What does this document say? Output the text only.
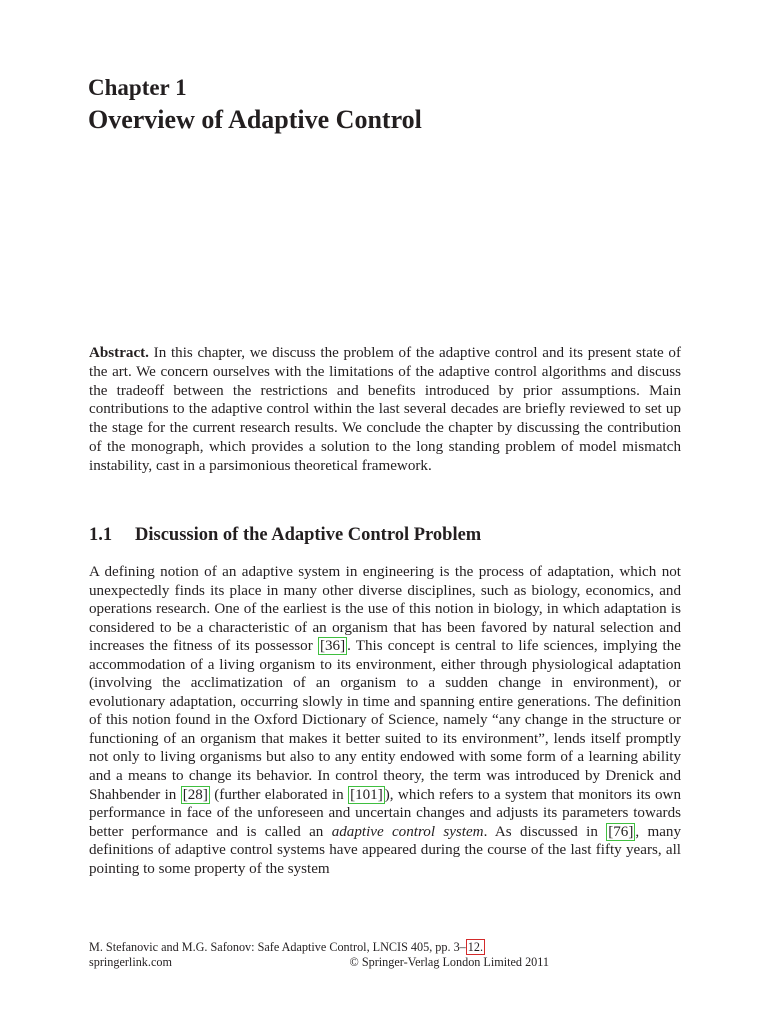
Chapter 1
Overview of Adaptive Control
Abstract. In this chapter, we discuss the problem of the adaptive control and its present state of the art. We concern ourselves with the limitations of the adaptive control algorithms and discuss the tradeoff between the restrictions and benefits introduced by prior assumptions. Main contributions to the adaptive control within the last several decades are briefly reviewed to set up the stage for the current research results. We conclude the chapter by discussing the contribution of the monograph, which provides a solution to the long standing problem of model mismatch instability, cast in a parsimonious theoretical framework.
1.1 Discussion of the Adaptive Control Problem
A defining notion of an adaptive system in engineering is the process of adaptation, which not unexpectedly finds its place in many other diverse disciplines, such as biology, economics, and operations research. One of the earliest is the use of this notion in biology, in which adaptation is considered to be a characteristic of an organism that has been favored by natural selection and increases the fitness of its possessor [36] . This concept is central to life sciences, implying the accommodation of a living organism to its environment, either through physiological adaptation (involving the acclimatization of an organism to a sudden change in environment), or evolutionary adaptation, occurring slowly in time and spanning entire generations. The definition of this notion found in the Oxford Dictionary of Science, namely “any change in the structure or functioning of an organism that makes it better suited to its environment”, lends itself promptly not only to living organisms but also to any entity endowed with some form of a learning ability and a means to change its behavior. In control theory, the term was introduced by Drenick and Shahbender in [28] (further elaborated in [101] ), which refers to a system that monitors its own performance in face of the unforeseen and uncertain changes and adjusts its parameters towards better performance and is called an adaptive control system. As discussed in [76] , many definitions of adaptive control systems have appeared during the course of the last fifty years, all pointing to some property of the system
M. Stefanovic and M.G. Safonov: Safe Adaptive Control, LNCIS 405, pp. 3– 12.
springerlink.com	© Springer-Verlag London Limited 2011
